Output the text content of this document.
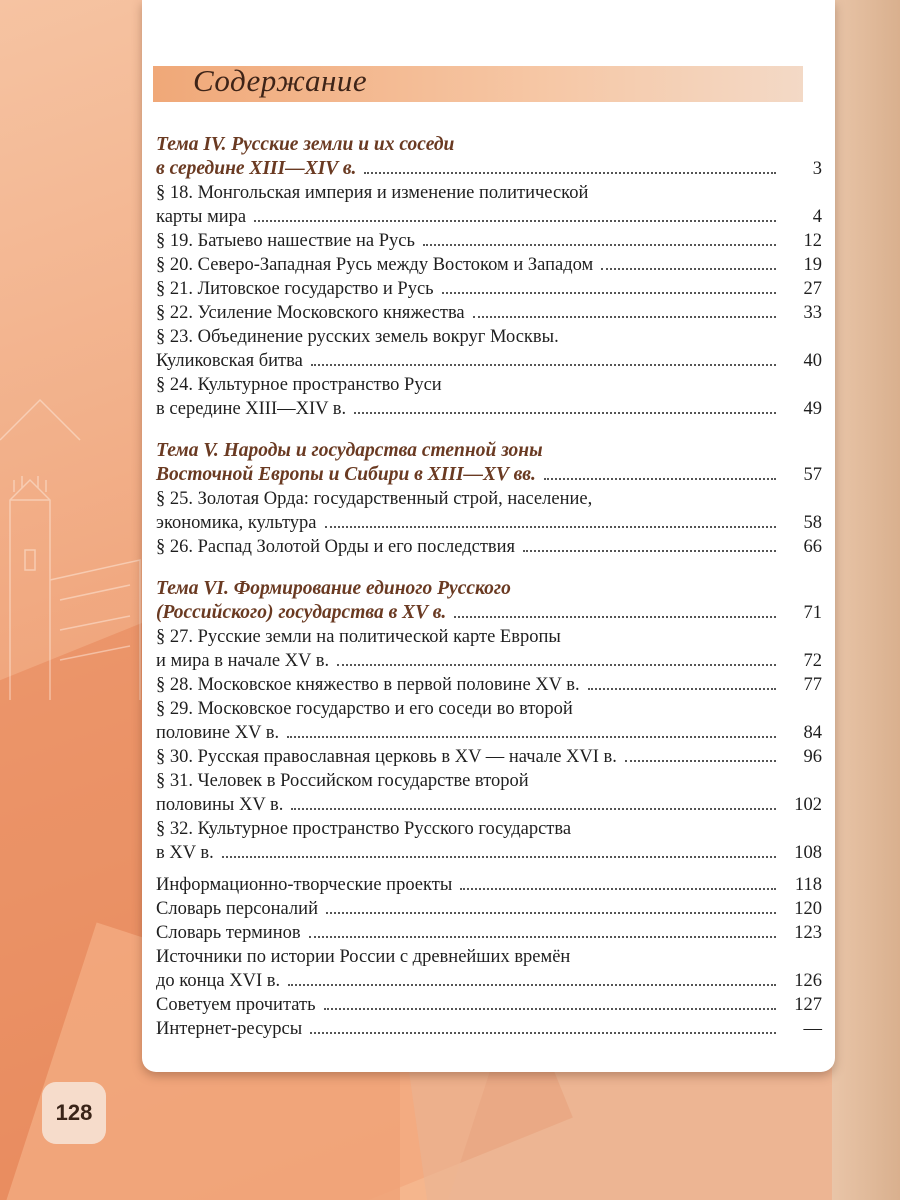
Содержание
Тема IV. Русские земли и их соседи
в середине XIII—XIV в.	3
§ 18. Монгольская империя и изменение политической
карты мира	4
§ 19. Батыево нашествие на Русь	12
§ 20. Северо-Западная Русь между Востоком и Западом	19
§ 21. Литовское государство и Русь	27
§ 22. Усиление Московского княжества	33
§ 23. Объединение русских земель вокруг Москвы.
Куликовская битва	40
§ 24. Культурное пространство Руси
в середине XIII—XIV в.	49
Тема V. Народы и государства степной зоны
Восточной Европы и Сибири в XIII—XV вв.	57
§ 25. Золотая Орда: государственный строй, население,
экономика, культура	58
§ 26. Распад Золотой Орды и его последствия	66
Тема VI. Формирование единого Русского
(Российского) государства в XV в.	71
§ 27. Русские земли на политической карте Европы
и мира в начале XV в.	72
§ 28. Московское княжество в первой половине XV в.	77
§ 29. Московское государство и его соседи во второй
половине XV в.	84
§ 30. Русская православная церковь в XV — начале XVI в.	96
§ 31. Человек в Российском государстве второй
половины XV в.	102
§ 32. Культурное пространство Русского государства
в XV в.	108
Информационно-творческие проекты	118
Словарь персоналий	120
Словарь терминов	123
Источники по истории России с древнейших времён
до конца XVI в.	126
Советуем прочитать	127
Интернет-ресурсы	—
128
